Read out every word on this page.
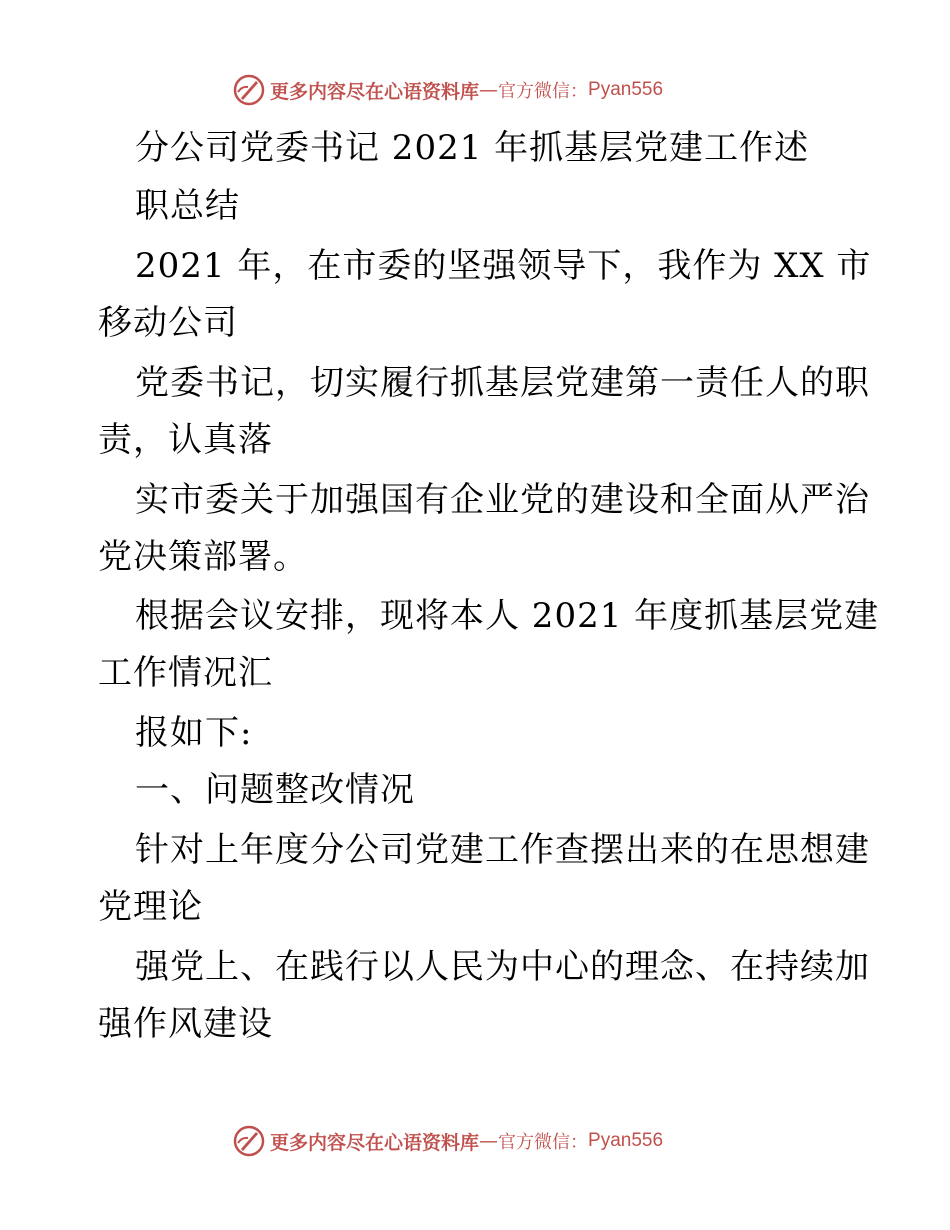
更多内容尽在心语资料库 — 官方微信： Pyan556
分公司党委书记 2021 年抓基层党建工作述
职总结
2021 年，在市委的坚强领导下，我作为 XX 市
移动公司
党委书记，切实履行抓基层党建第一责任人的职
责，认真落
实市委关于加强国有企业党的建设和全面从严治
党决策部署。
根据会议安排，现将本人 2021 年度抓基层党建
工作情况汇
报如下:
一、问题整改情况
针对上年度分公司党建工作查摆出来的在思想建
党理论
强党上、在践行以人民为中心的理念、在持续加
强作风建设
更多内容尽在心语资料库 — 官方微信： Pyan556
